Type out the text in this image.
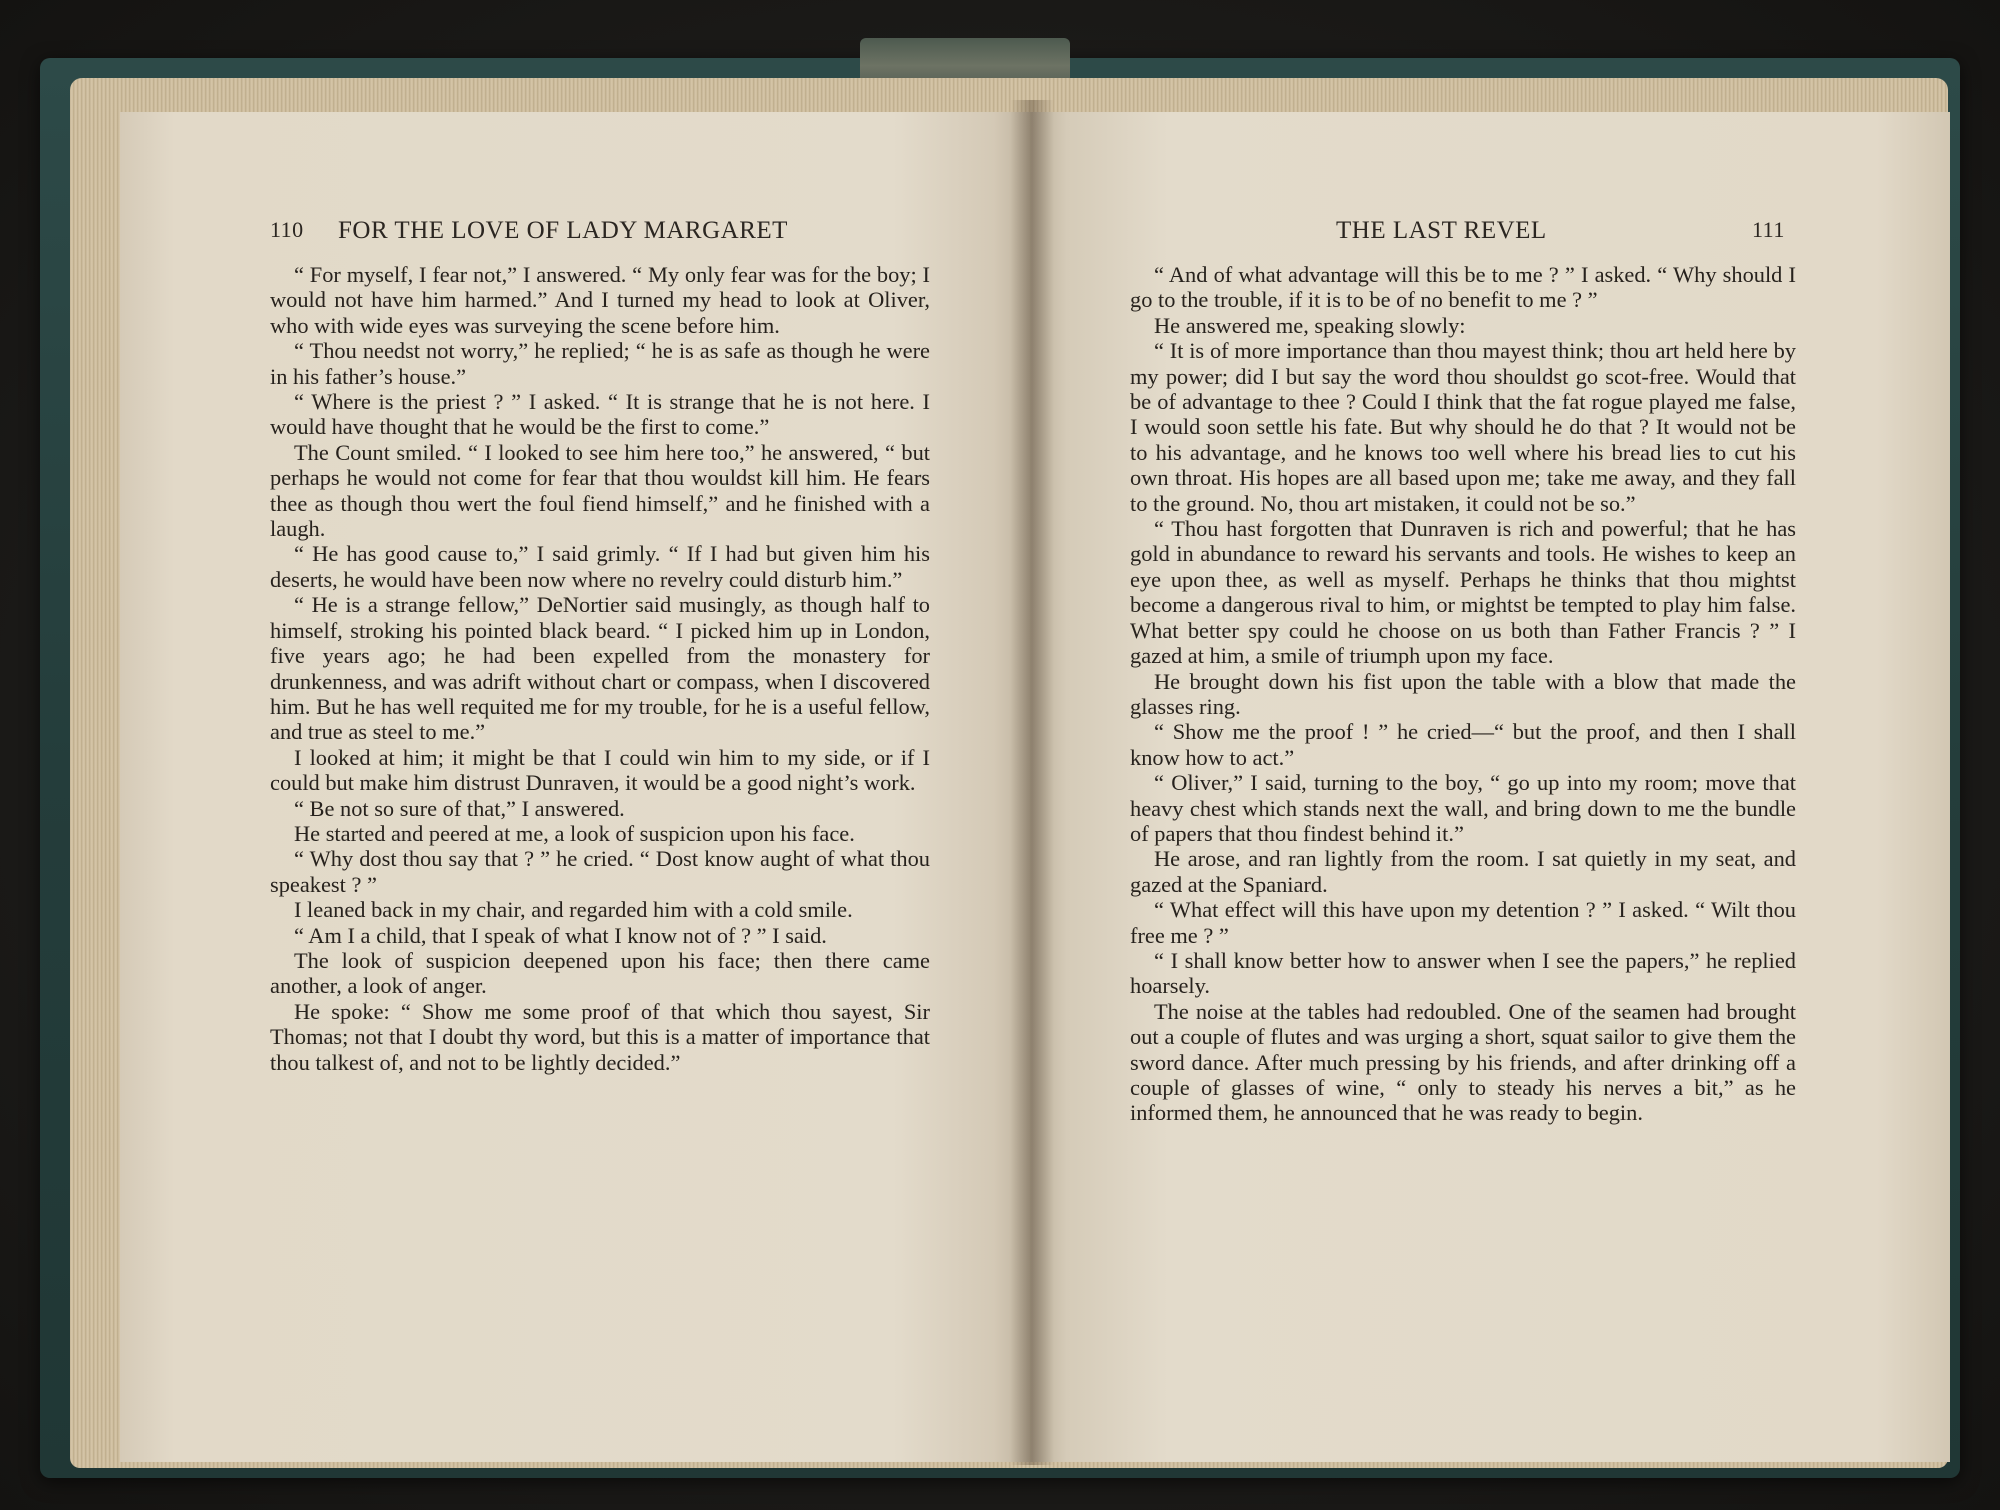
110 FOR THE LOVE OF LADY MARGARET

“ For myself, I fear not,” I answered. “ My only fear was for the boy; I would not have him harmed.” And I turned my head to look at Oliver, who with wide eyes was surveying the scene before him.

“ Thou needst not worry,” he replied; “ he is as safe as though he were in his father’s house.”

“ Where is the priest ? ” I asked. “ It is strange that he is not here. I would have thought that he would be the first to come.”

The Count smiled. “ I looked to see him here too,” he answered, “ but perhaps he would not come for fear that thou wouldst kill him. He fears thee as though thou wert the foul fiend himself,” and he finished with a laugh.

“ He has good cause to,” I said grimly. “ If I had but given him his deserts, he would have been now where no revelry could disturb him.”

“ He is a strange fellow,” DeNortier said musingly, as though half to himself, stroking his pointed black beard. “ I picked him up in London, five years ago; he had been expelled from the monastery for drunkenness, and was adrift without chart or compass, when I discovered him. But he has well requited me for my trouble, for he is a useful fellow, and true as steel to me.”

I looked at him; it might be that I could win him to my side, or if I could but make him distrust Dunraven, it would be a good night’s work.

“ Be not so sure of that,” I answered.

He started and peered at me, a look of suspicion upon his face.

“ Why dost thou say that ? ” he cried. “ Dost know aught of what thou speakest ? ”

I leaned back in my chair, and regarded him with a cold smile.

“ Am I a child, that I speak of what I know not of ? ” I said.

The look of suspicion deepened upon his face; then there came another, a look of anger.

He spoke: “ Show me some proof of that which thou sayest, Sir Thomas; not that I doubt thy word, but this is a matter of importance that thou talkest of, and not to be lightly decided.”

THE LAST REVEL	111

“ And of what advantage will this be to me ? ” I asked. “ Why should I go to the trouble, if it is to be of no benefit to me ? ”

He answered me, speaking slowly:

“ It is of more importance than thou mayest think; thou art held here by my power; did I but say the word thou shouldst go scot-free. Would that be of advantage to thee ? Could I think that the fat rogue played me false, I would soon settle his fate. But why should he do that ? It would not be to his advantage, and he knows too well where his bread lies to cut his own throat. His hopes are all based upon me; take me away, and they fall to the ground. No, thou art mistaken, it could not be so.”

“ Thou hast forgotten that Dunraven is rich and powerful; that he has gold in abundance to reward his servants and tools. He wishes to keep an eye upon thee, as well as myself. Perhaps he thinks that thou mightst become a dangerous rival to him, or mightst be tempted to play him false. What better spy could he choose on us both than Father Francis ? ” I gazed at him, a smile of triumph upon my face.

He brought down his fist upon the table with a blow that made the glasses ring.

“ Show me the proof ! ” he cried—“ but the proof, and then I shall know how to act.”

“ Oliver,” I said, turning to the boy, “ go up into my room; move that heavy chest which stands next the wall, and bring down to me the bundle of papers that thou findest behind it.”

He arose, and ran lightly from the room. I sat quietly in my seat, and gazed at the Spaniard.

“ What effect will this have upon my detention ? ” I asked. “ Wilt thou free me ? ”

“ I shall know better how to answer when I see the papers,” he replied hoarsely.

The noise at the tables had redoubled. One of the seamen had brought out a couple of flutes and was urging a short, squat sailor to give them the sword dance. After much pressing by his friends, and after drinking off a couple of glasses of wine, “ only to steady his nerves a bit,” as he informed them, he announced that he was ready to begin.
